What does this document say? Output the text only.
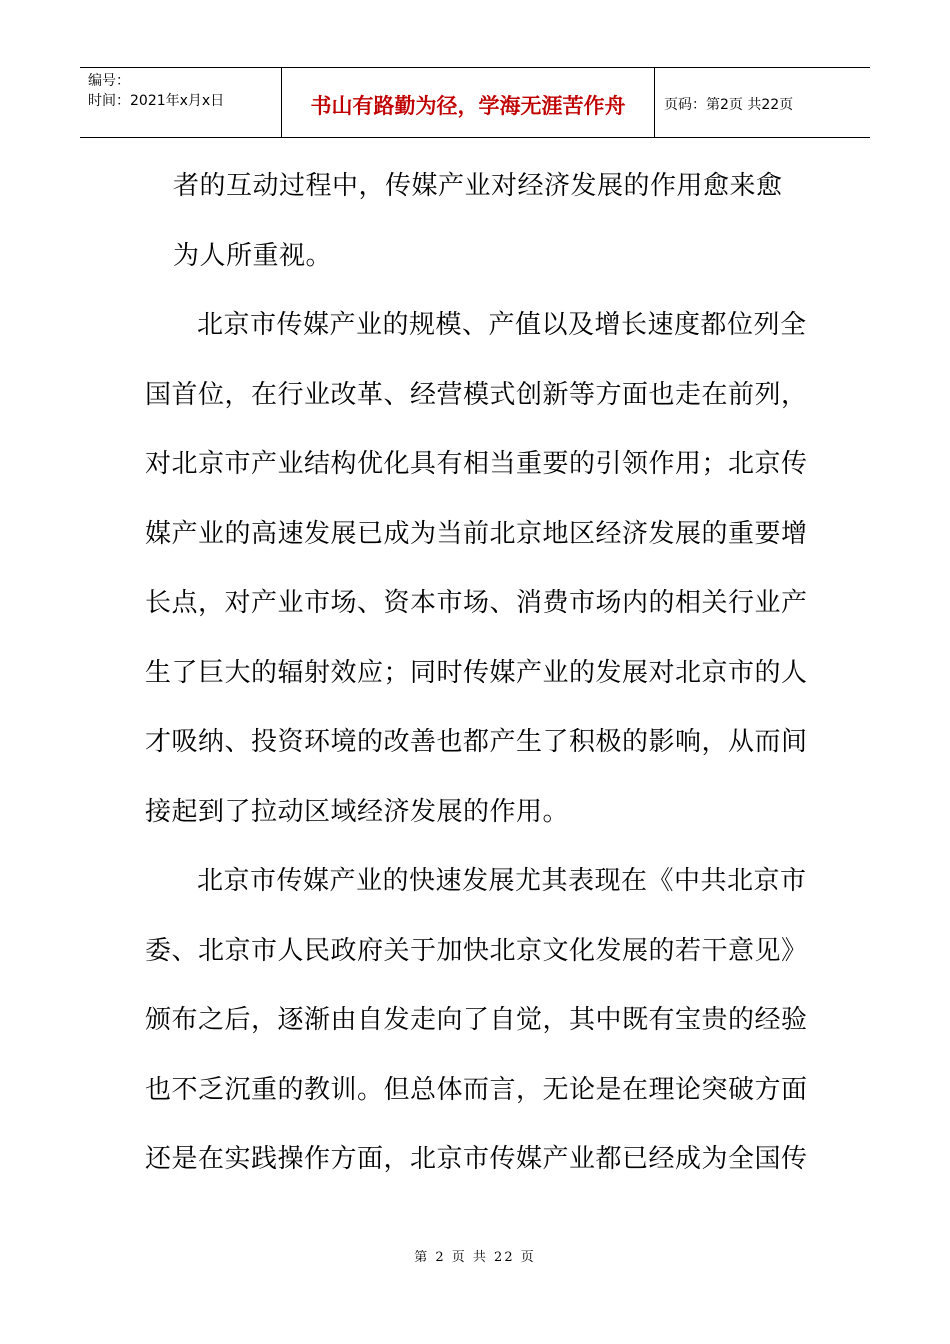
编号：
时间：2021年x月x日	书山有路勤为径，学海无涯苦作舟	页码：第2页 共22页
者的互动过程中，传媒产业对经济发展的作用愈来愈
为人所重视。
北京市传媒产业的规模、产值以及增长速度都位列全
国首位，在行业改革、经营模式创新等方面也走在前列，
对北京市产业结构优化具有相当重要的引领作用；北京传
媒产业的高速发展已成为当前北京地区经济发展的重要增
长点，对产业市场、资本市场、消费市场内的相关行业产
生了巨大的辐射效应；同时传媒产业的发展对北京市的人
才吸纳、投资环境的改善也都产生了积极的影响，从而间
接起到了拉动区域经济发展的作用。
北京市传媒产业的快速发展尤其表现在《中共北京市
委、北京市人民政府关于加快北京文化发展的若干意见》
颁布之后，逐渐由自发走向了自觉，其中既有宝贵的经验
也不乏沉重的教训。但总体而言，无论是在理论突破方面
还是在实践操作方面，北京市传媒产业都已经成为全国传
第 2 页 共 22 页
